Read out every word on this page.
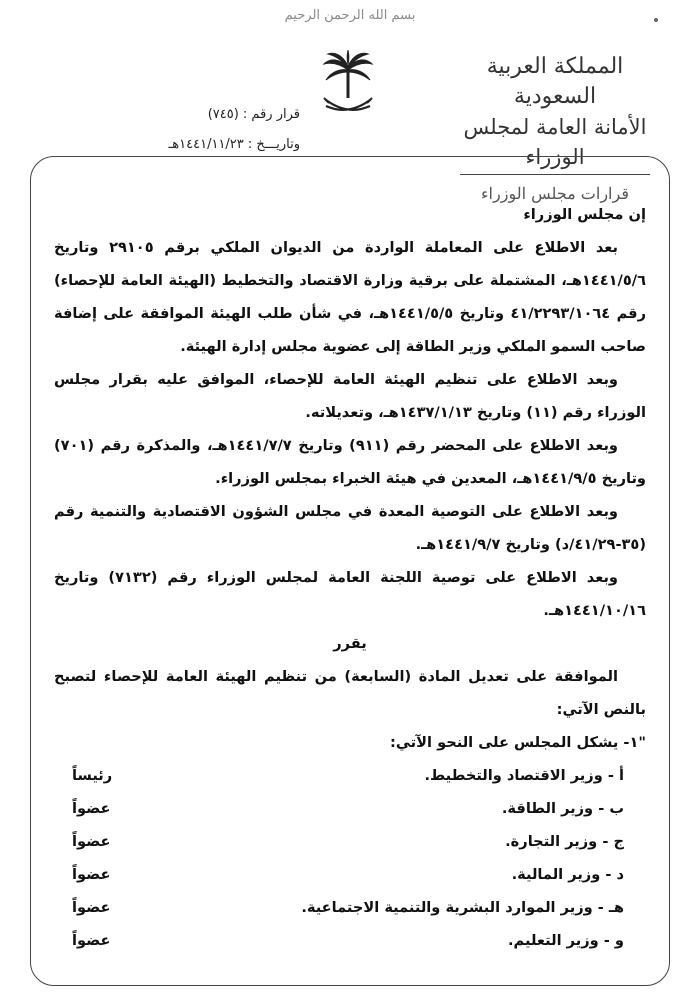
بسم الله الرحمن الرحيم
المملكة العربية السعودية
الأمانة العامة لمجلس الوزراء
قرارات مجلس الوزراء
قرار رقم : (٧٤٥)
وتاريـــخ : ١٤٤١/١١/٢٣هـ

إن مجلس الوزراء

بعد الاطلاع على المعاملة الواردة من الديوان الملكي برقم ٢٩١٠٥ وتاريخ ١٤٤١/٥/٦هـ، المشتملة على برقية وزارة الاقتصاد والتخطيط (الهيئة العامة للإحصاء) رقم ٤١/٢٢٩٣/١٠٦٤ وتاريخ ١٤٤١/٥/٥هـ، في شأن طلب الهيئة الموافقة على إضافة صاحب السمو الملكي وزير الطاقة إلى عضوية مجلس إدارة الهيئة.

وبعد الاطلاع على تنظيم الهيئة العامة للإحصاء، الموافق عليه بقرار مجلس الوزراء رقم (١١) وتاريخ ١٤٣٧/١/١٣هـ، وتعديلاته.

وبعد الاطلاع على المحضر رقم (٩١١) وتاريخ ١٤٤١/٧/٧هـ، والمذكرة رقم (٧٠١) وتاريخ ١٤٤١/٩/٥هـ، المعدين في هيئة الخبراء بمجلس الوزراء.

وبعد الاطلاع على التوصية المعدة في مجلس الشؤون الاقتصادية والتنمية رقم (٣٥-٤١/٢٩/د) وتاريخ ١٤٤١/٩/٧هـ.

وبعد الاطلاع على توصية اللجنة العامة لمجلس الوزراء رقم (٧١٣٢) وتاريخ ١٤٤١/١٠/١٦هـ.

يقرر

الموافقة على تعديل المادة (السابعة) من تنظيم الهيئة العامة للإحصاء لتصبح بالنص الآتي:

"١- يشكل المجلس على النحو الآتي:

أ - وزير الاقتصاد والتخطيط.
رئيساً
ب - وزير الطاقة.
عضواً
ج - وزير التجارة.
عضواً
د - وزير المالية.
عضواً
هـ - وزير الموارد البشرية والتنمية الاجتماعية.
عضواً
و - وزير التعليم.
عضواً
